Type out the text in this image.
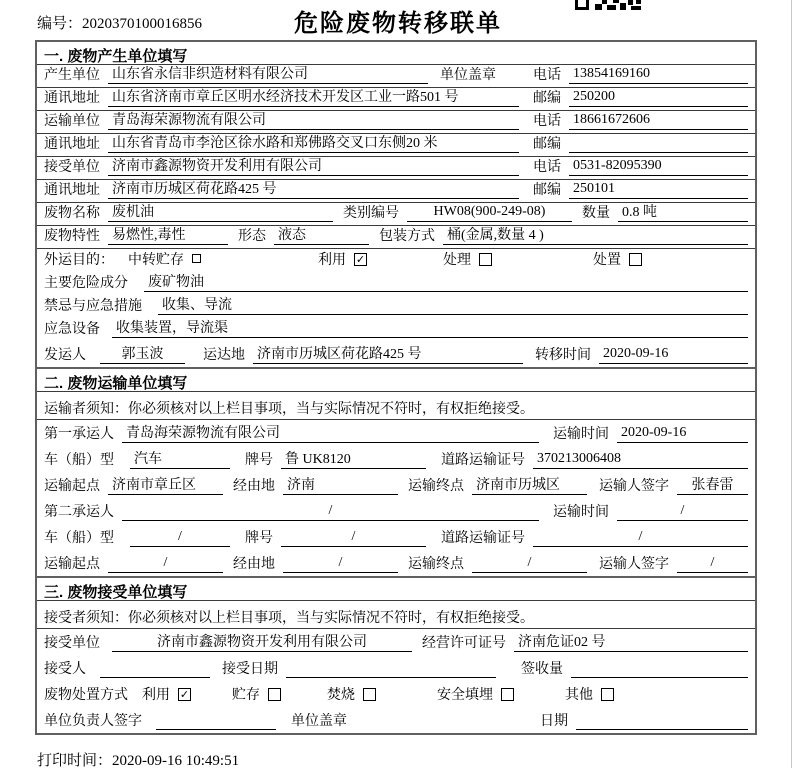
编号：2020370100016856	危险废物转移联单
一. 废物产生单位填写
产生单位 山东省永信非织造材料有限公司	单位盖章	电话 13854169160
通讯地址 山东省济南市章丘区明水经济技术开发区工业一路501 号	邮编 250200
运输单位 青岛海荣源物流有限公司	电话 18661672606
通讯地址 山东省青岛市李沧区徐水路和郑佛路交叉口东侧20 米	邮编
接受单位 济南市鑫源物资开发利用有限公司	电话 0531-82095390
通讯地址 济南市历城区荷花路425 号	邮编 250101
废物名称 废机油	类别编号	HW08(900-249-08)	数量 0.8 吨
废物特性 易燃性,毒性	形态 液态	包装方式 桶(金属,数量 4 )
外运目的：	中转贮存	利用 ✓	处理	处置
主要危险成分	废矿物油
禁忌与应急措施	收集、导流
应急设备 收集装置，导流渠
发运人	郭玉波	运达地 济南市历城区荷花路425 号	转移时间 2020-09-16
二. 废物运输单位填写
运输者须知：你必须核对以上栏目事项，当与实际情况不符时，有权拒绝接受。
第一承运人 青岛海荣源物流有限公司	运输时间 2020-09-16
车（船）型	汽车	牌号 鲁 UK8120	道路运输证号 370213006408
运输起点 济南市章丘区	经由地 济南	运输终点 济南市历城区	运输人签字	张春雷
第二承运人	/	运输时间	/
车（船）型	/	牌号	/	道路运输证号	/
运输起点	/	经由地	/	运输终点	/	运输人签字	/
三. 废物接受单位填写
接受者须知：你必须核对以上栏目事项，当与实际情况不符时，有权拒绝接受。
接受单位	济南市鑫源物资开发利用有限公司	经营许可证号 济南危证02 号
接受人	接受日期	签收量
废物处置方式	利用 ✓	贮存	焚烧	安全填埋	其他
单位负责人签字	单位盖章	日期
打印时间：2020-09-16 10:49:51
